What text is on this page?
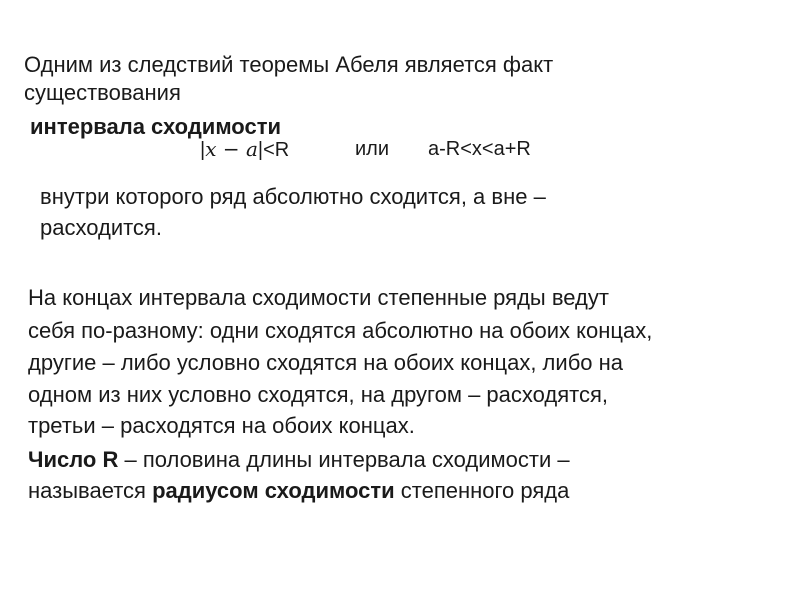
Одним из следствий теоремы Абеля является факт
существования
интервала сходимости
|x − a|<R	или a-R<x<a+R
внутри которого ряд абсолютно сходится, а вне –
расходится.
На концах интервала сходимости степенные ряды ведут
себя по-разному: одни сходятся абсолютно на обоих концах,
другие – либо условно сходятся на обоих концах, либо на
одном из них условно сходятся, на другом – расходятся,
третьи – расходятся на обоих концах.
Число R – половина длины интервала сходимости –
называется радиусом сходимости степенного ряда
